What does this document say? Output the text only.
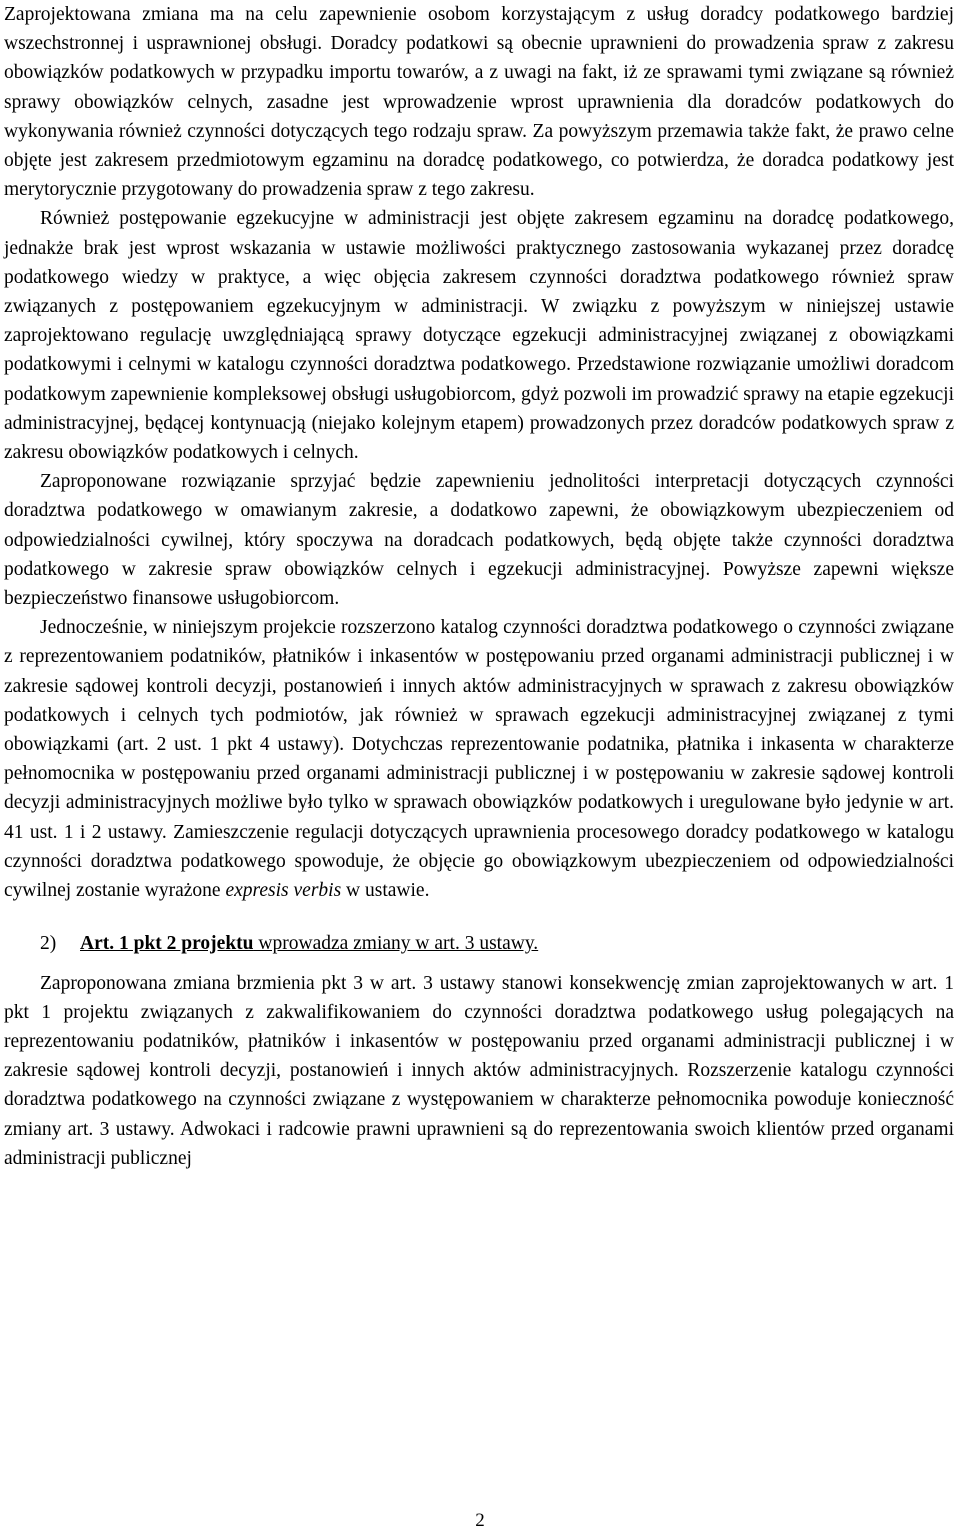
Zaprojektowana zmiana ma na celu zapewnienie osobom korzystającym z usług doradcy podatkowego bardziej wszechstronnej i usprawnionej obsługi. Doradcy podatkowi są obecnie uprawnieni do prowadzenia spraw z zakresu obowiązków podatkowych w przypadku importu towarów, a z uwagi na fakt, iż ze sprawami tymi związane są również sprawy obowiązków celnych, zasadne jest wprowadzenie wprost uprawnienia dla doradców podatkowych do wykonywania również czynności dotyczących tego rodzaju spraw. Za powyższym przemawia także fakt, że prawo celne objęte jest zakresem przedmiotowym egzaminu na doradcę podatkowego, co potwierdza, że doradca podatkowy jest merytorycznie przygotowany do prowadzenia spraw z tego zakresu.

Również postępowanie egzekucyjne w administracji jest objęte zakresem egzaminu na doradcę podatkowego, jednakże brak jest wprost wskazania w ustawie możliwości praktycznego zastosowania wykazanej przez doradcę podatkowego wiedzy w praktyce, a więc objęcia zakresem czynności doradztwa podatkowego również spraw związanych z postępowaniem egzekucyjnym w administracji. W związku z powyższym w niniejszej ustawie zaprojektowano regulację uwzględniającą sprawy dotyczące egzekucji administracyjnej związanej z obowiązkami podatkowymi i celnymi w katalogu czynności doradztwa podatkowego. Przedstawione rozwiązanie umożliwi doradcom podatkowym zapewnienie kompleksowej obsługi usługobiorcom, gdyż pozwoli im prowadzić sprawy na etapie egzekucji administracyjnej, będącej kontynuacją (niejako kolejnym etapem) prowadzonych przez doradców podatkowych spraw z zakresu obowiązków podatkowych i celnych.

Zaproponowane rozwiązanie sprzyjać będzie zapewnieniu jednolitości interpretacji dotyczących czynności doradztwa podatkowego w omawianym zakresie, a dodatkowo zapewni, że obowiązkowym ubezpieczeniem od odpowiedzialności cywilnej, który spoczywa na doradcach podatkowych, będą objęte także czynności doradztwa podatkowego w zakresie spraw obowiązków celnych i egzekucji administracyjnej. Powyższe zapewni większe bezpieczeństwo finansowe usługobiorcom.

Jednocześnie, w niniejszym projekcie rozszerzono katalog czynności doradztwa podatkowego o czynności związane z reprezentowaniem podatników, płatników i inkasentów w postępowaniu przed organami administracji publicznej i w zakresie sądowej kontroli decyzji, postanowień i innych aktów administracyjnych w sprawach z zakresu obowiązków podatkowych i celnych tych podmiotów, jak również w sprawach egzekucji administracyjnej związanej z tymi obowiązkami (art. 2 ust. 1 pkt 4 ustawy). Dotychczas reprezentowanie podatnika, płatnika i inkasenta w charakterze pełnomocnika w postępowaniu przed organami administracji publicznej i w postępowaniu w zakresie sądowej kontroli decyzji administracyjnych możliwe było tylko w sprawach obowiązków podatkowych i uregulowane było jedynie w art. 41 ust. 1 i 2 ustawy. Zamieszczenie regulacji dotyczących uprawnienia procesowego doradcy podatkowego w katalogu czynności doradztwa podatkowego spowoduje, że objęcie go obowiązkowym ubezpieczeniem od odpowiedzialności cywilnej zostanie wyrażone expresis verbis w ustawie.

2) Art. 1 pkt 2 projektu wprowadza zmiany w art. 3 ustawy.

Zaproponowana zmiana brzmienia pkt 3 w art. 3 ustawy stanowi konsekwencję zmian zaprojektowanych w art. 1 pkt 1 projektu związanych z zakwalifikowaniem do czynności doradztwa podatkowego usług polegających na reprezentowaniu podatników, płatników i inkasentów w postępowaniu przed organami administracji publicznej i w zakresie sądowej kontroli decyzji, postanowień i innych aktów administracyjnych. Rozszerzenie katalogu czynności doradztwa podatkowego na czynności związane z występowaniem w charakterze pełnomocnika powoduje konieczność zmiany art. 3 ustawy. Adwokaci i radcowie prawni uprawnieni są do reprezentowania swoich klientów przed organami administracji publicznej

2
